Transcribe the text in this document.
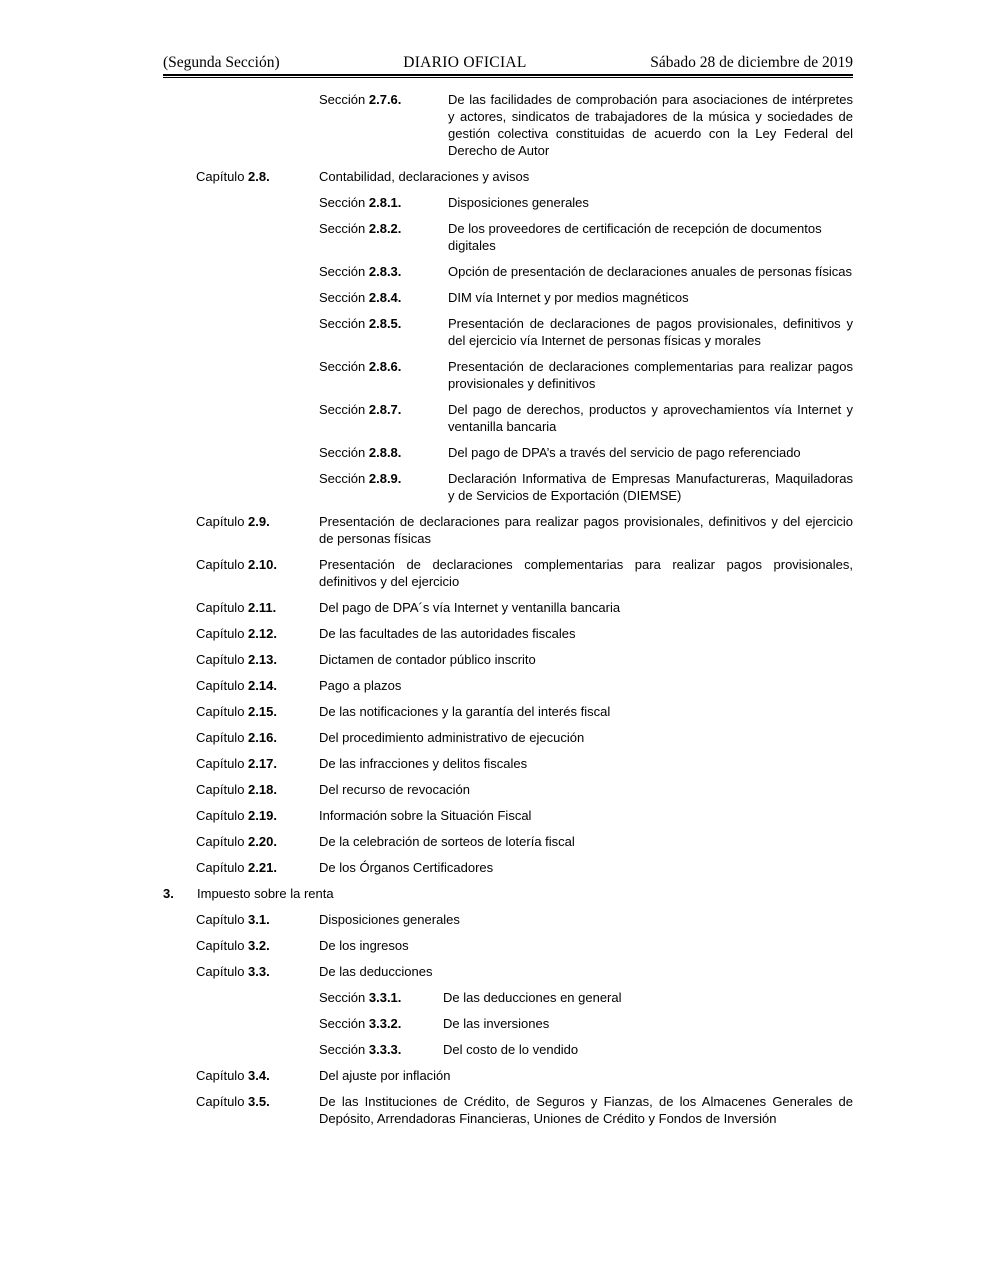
(Segunda Sección)	DIARIO OFICIAL	Sábado 28 de diciembre de 2019
Sección 2.7.6.	De las facilidades de comprobación para asociaciones de intérpretes y actores, sindicatos de trabajadores de la música y sociedades de gestión colectiva constituidas de acuerdo con la Ley Federal del Derecho de Autor
Capítulo 2.8.	Contabilidad, declaraciones y avisos
Sección 2.8.1.	Disposiciones generales
Sección 2.8.2.	De los proveedores de certificación de recepción de documentos digitales
Sección 2.8.3.	Opción de presentación de declaraciones anuales de personas físicas
Sección 2.8.4.	DIM vía Internet y por medios magnéticos
Sección 2.8.5.	Presentación de declaraciones de pagos provisionales, definitivos y del ejercicio vía Internet de personas físicas y morales
Sección 2.8.6.	Presentación de declaraciones complementarias para realizar pagos provisionales y definitivos
Sección 2.8.7.	Del pago de derechos, productos y aprovechamientos vía Internet y ventanilla bancaria
Sección 2.8.8.	Del pago de DPA’s a través del servicio de pago referenciado
Sección 2.8.9.	Declaración Informativa de Empresas Manufactureras, Maquiladoras y de Servicios de Exportación (DIEMSE)
Capítulo 2.9.	Presentación de declaraciones para realizar pagos provisionales, definitivos y del ejercicio de personas físicas
Capítulo 2.10.	Presentación de declaraciones complementarias para realizar pagos provisionales, definitivos y del ejercicio
Capítulo 2.11.	Del pago de DPA´s vía Internet y ventanilla bancaria
Capítulo 2.12.	De las facultades de las autoridades fiscales
Capítulo 2.13.	Dictamen de contador público inscrito
Capítulo 2.14.	Pago a plazos
Capítulo 2.15.	De las notificaciones y la garantía del interés fiscal
Capítulo 2.16.	Del procedimiento administrativo de ejecución
Capítulo 2.17.	De las infracciones y delitos fiscales
Capítulo 2.18.	Del recurso de revocación
Capítulo 2.19.	Información sobre la Situación Fiscal
Capítulo 2.20.	De la celebración de sorteos de lotería fiscal
Capítulo 2.21.	De los Órganos Certificadores
3.	Impuesto sobre la renta
Capítulo 3.1.	Disposiciones generales
Capítulo 3.2.	De los ingresos
Capítulo 3.3.	De las deducciones
Sección 3.3.1.	De las deducciones en general
Sección 3.3.2.	De las inversiones
Sección 3.3.3.	Del costo de lo vendido
Capítulo 3.4.	Del ajuste por inflación
Capítulo 3.5.	De las Instituciones de Crédito, de Seguros y Fianzas, de los Almacenes Generales de Depósito, Arrendadoras Financieras, Uniones de Crédito y Fondos de Inversión
